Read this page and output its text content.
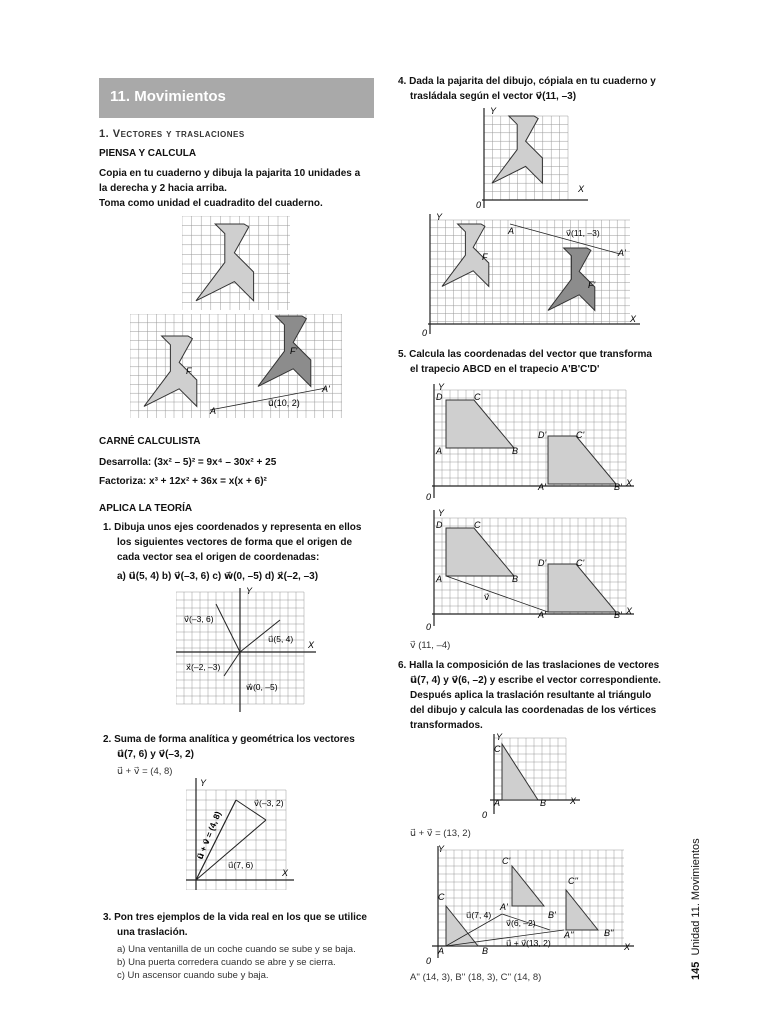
11. Movimientos
1. Vectores y traslaciones
PIENSA Y CALCULA
Copia en tu cuaderno y dibuja la pajarita 10 unidades a
la derecha y 2 hacia arriba.
Toma como unidad el cuadradito del cuaderno.
F
F'
A
A'
u⃗(10, 2)
CARNÉ CALCULISTA
Desarrolla: (3x² – 5)² = 9x⁴ – 30x² + 25
Factoriza: x³ + 12x² + 36x = x(x + 6)²
APLICA LA TEORÍA
1. Dibuja unos ejes coordenados y representa en ellos
los siguientes vectores de forma que el origen de
cada vector sea el origen de coordenadas:
a) u⃗(5, 4) b) v⃗(–3, 6) c) w⃗(0, –5) d) x⃗(–2, –3)
Y
X
v⃗(–3, 6)
u⃗(5, 4)
x⃗(–2, –3)
w⃗(0, –5)
2. Suma de forma analítica y geométrica los vectores
u⃗(7, 6) y v⃗(–3, 2)
u⃗ + v⃗ = (4, 8)
Y
X
v⃗(–3, 2)
u⃗(7, 6)
u⃗ + v⃗ = (4, 8)
3. Pon tres ejemplos de la vida real en los que se utilice
una traslación.
a) Una ventanilla de un coche cuando se sube y se baja.
b) Una puerta corredera cuando se abre y se cierra.
c) Un ascensor cuando sube y baja.
4. Dada la pajarita del dibujo, cópiala en tu cuaderno y
trasládala según el vector v⃗(11, –3)
Y
X
0
Y
X
0
A
A'
F
F'
v⃗(11, –3)
5. Calcula las coordenadas del vector que transforma
el trapecio ABCD en el trapecio A'B'C'D'
Y
X
0
D	C
A	B
D'	C'
A'	B'
Y
X
0
D	C
A	B
D'	C'
A'	B'
v⃗
v⃗ (11, –4)
6. Halla la composición de las traslaciones de vectores
u⃗(7, 4) y v⃗(6, –2) y escribe el vector correspondiente.
Después aplica la traslación resultante al triángulo
del dibujo y calcula las coordenadas de los vértices
transformados.
Y
X
0
C
A	B
u⃗ + v⃗ = (13, 2)
Y
X
0
C
A	B
C'
A'
B'
C''
A''	B''
u⃗(7, 4)
v⃗(6, –2)
u⃗ + v⃗(13, 2)
A'' (14, 3), B'' (18, 3), C'' (14, 8)	145  Unidad 11. Movimientos
